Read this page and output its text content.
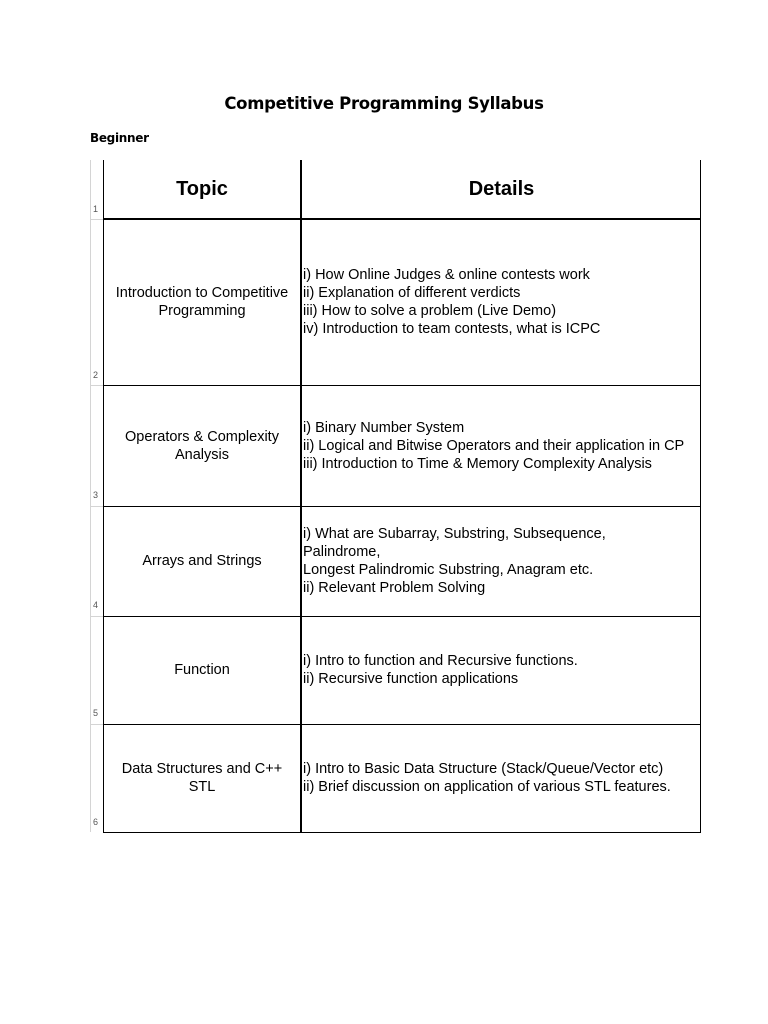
Competitive Programming Syllabus
Beginner
1
2
3
4
5
6
Topic	Details
Introduction to Competitive Programming	i) How Online Judges & online contests work
ii) Explanation of different verdicts
iii) How to solve a problem (Live Demo)
iv) Introduction to team contests, what is ICPC

Operators & Complexity Analysis	i) Binary Number System
ii) Logical and Bitwise Operators and their application in CP
iii) Introduction to Time & Memory Complexity Analysis

Arrays and Strings	i) What are Subarray, Substring, Subsequence,
Palindrome,
Longest Palindromic Substring, Anagram etc.
ii) Relevant Problem Solving

Function	i) Intro to function and Recursive functions.
ii) Recursive function applications

Data Structures and C++ STL	i) Intro to Basic Data Structure (Stack/Queue/Vector etc)
ii) Brief discussion on application of various STL features.
